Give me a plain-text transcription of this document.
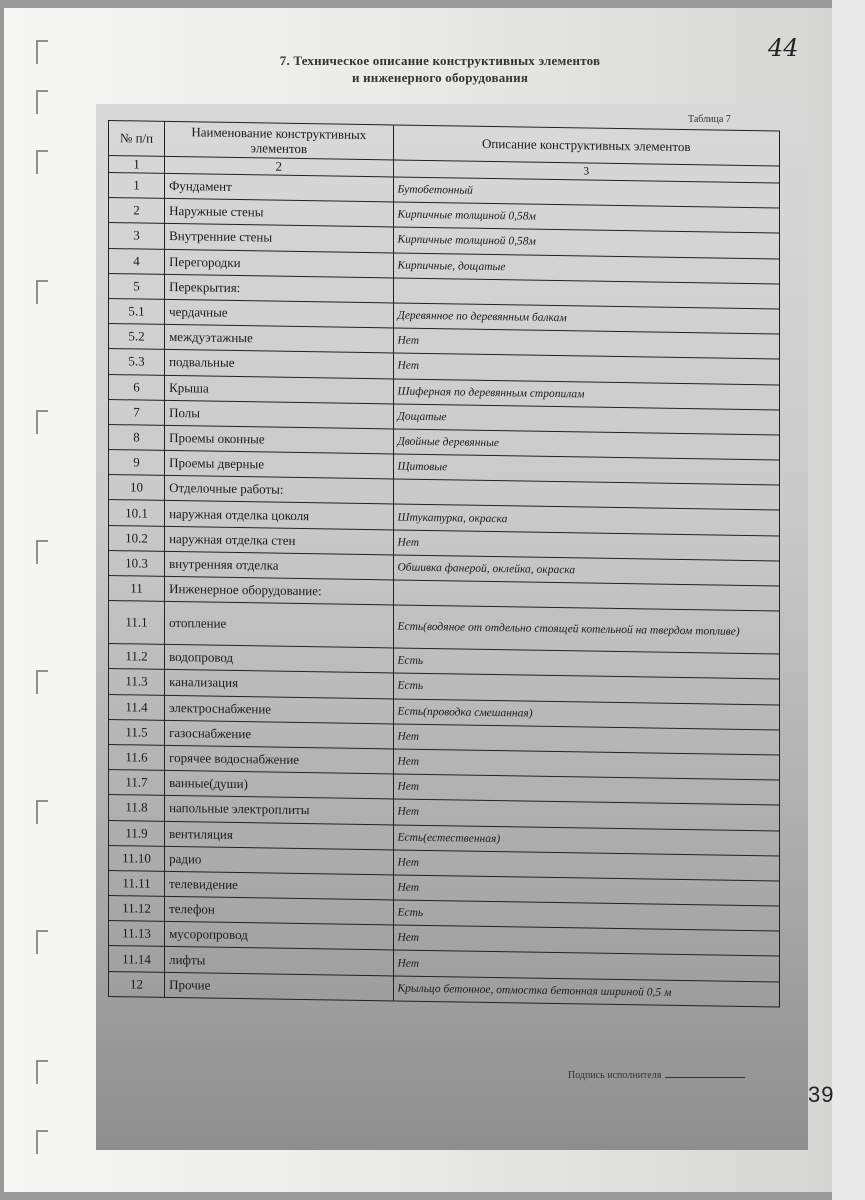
44
7. Техническое описание конструктивных элементов
и инженерного оборудования
Таблица 7
№ п/п	Наименование конструктивных элементов	Описание конструктивных элементов
1	2	3
1	Фундамент	Бутобетонный
2	Наружные стены	Кирпичные толщиной 0,58м
3	Внутренние стены	Кирпичные толщиной 0,58м
4	Перегородки	Кирпичные, дощатые
5	Перекрытия:	
5.1	чердачные	Деревянное по деревянным балкам
5.2	междуэтажные	Нет
5.3	подвальные	Нет
6	Крыша	Шиферная по деревянным стропилам
7	Полы	Дощатые
8	Проемы оконные	Двойные деревянные
9	Проемы дверные	Щитовые
10	Отделочные работы:	
10.1	наружная отделка цоколя	Штукатурка, окраска
10.2	наружная отделка стен	Нет
10.3	внутренняя отделка	Обшивка фанерой, оклейка, окраска
11	Инженерное оборудование:	
11.1	отопление	Есть(водяное от отдельно стоящей котельной на твердом топливе)
11.2	водопровод	Есть
11.3	канализация	Есть
11.4	электроснабжение	Есть(проводка смешанная)
11.5	газоснабжение	Нет
11.6	горячее водоснабжение	Нет
11.7	ванные(души)	Нет
11.8	напольные электроплиты	Нет
11.9	вентиляция	Есть(естественная)
11.10	радио	Нет
11.11	телевидение	Нет
11.12	телефон	Есть
11.13	мусоропровод	Нет
11.14	лифты	Нет
12	Прочие	Крыльцо бетонное, отмостка бетонная шириной 0,5 м
Подпись исполнителя
39
